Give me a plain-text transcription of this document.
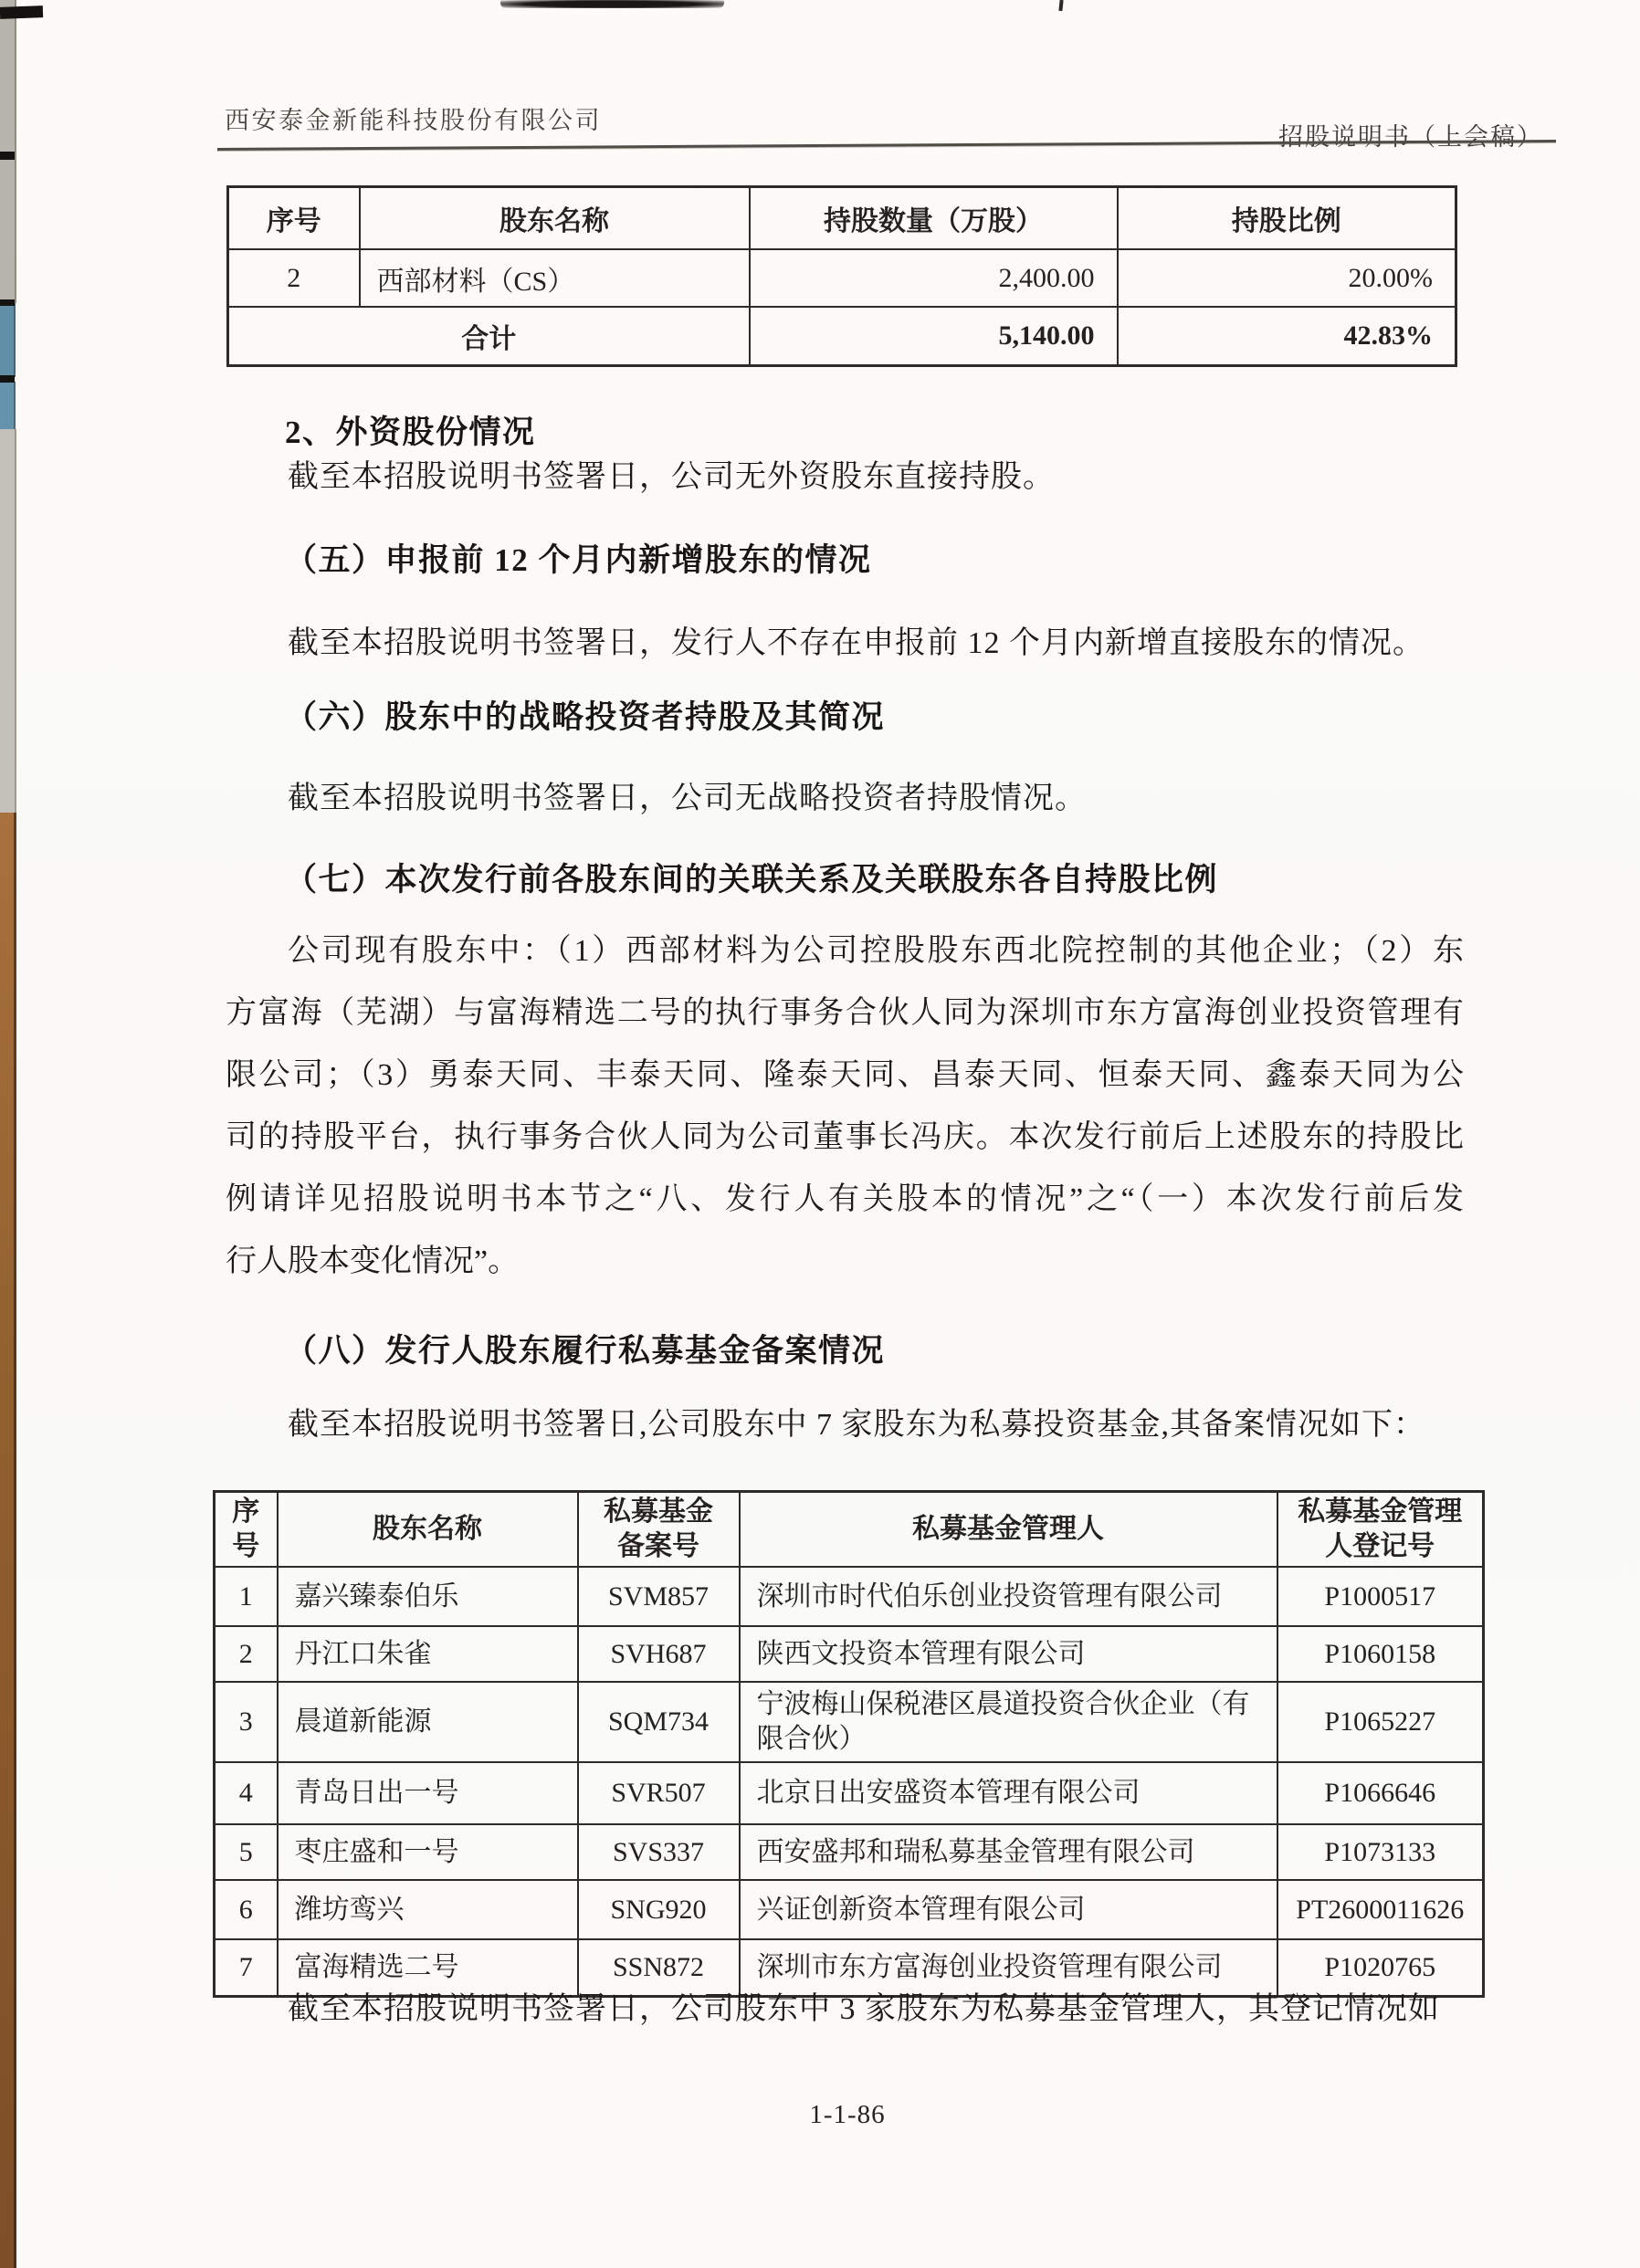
西安泰金新能科技股份有限公司
招股说明书（上会稿）
序号	股东名称	持股数量（万股）	持股比例
2	西部材料（CS）	2,400.00	20.00%
合计		5,140.00	42.83%
2、外资股份情况
截至本招股说明书签署日，公司无外资股东直接持股。
（五）申报前 12 个月内新增股东的情况
截至本招股说明书签署日，发行人不存在申报前 12 个月内新增直接股东的情况。
（六）股东中的战略投资者持股及其简况
截至本招股说明书签署日，公司无战略投资者持股情况。
（七）本次发行前各股东间的关联关系及关联股东各自持股比例
公司现有股东中：（1）西部材料为公司控股股东西北院控制的其他企业；（2）东
方富海（芜湖）与富海精选二号的执行事务合伙人同为深圳市东方富海创业投资管理有
限公司；（3）勇泰天同、丰泰天同、隆泰天同、昌泰天同、恒泰天同、鑫泰天同为公
司的持股平台，执行事务合伙人同为公司董事长冯庆。本次发行前后上述股东的持股比
例请详见招股说明书本节之“八、发行人有关股本的情况”之“（一）本次发行前后发
行人股本变化情况”。
（八）发行人股东履行私募基金备案情况
截至本招股说明书签署日,公司股东中 7 家股东为私募投资基金,其备案情况如下：
序号	股东名称	私募基金备案号	私募基金管理人	私募基金管理人登记号
1	嘉兴臻泰伯乐	SVM857	深圳市时代伯乐创业投资管理有限公司	P1000517
2	丹江口朱雀	SVH687	陕西文投资本管理有限公司	P1060158
3	晨道新能源	SQM734	宁波梅山保税港区晨道投资合伙企业（有限合伙）	P1065227
4	青岛日出一号	SVR507	北京日出安盛资本管理有限公司	P1066646
5	枣庄盛和一号	SVS337	西安盛邦和瑞私募基金管理有限公司	P1073133
6	潍坊鸾兴	SNG920	兴证创新资本管理有限公司	PT2600011626
7	富海精选二号	SSN872	深圳市东方富海创业投资管理有限公司	P1020765
截至本招股说明书签署日，公司股东中 3 家股东为私募基金管理人，其登记情况如
1-1-86
